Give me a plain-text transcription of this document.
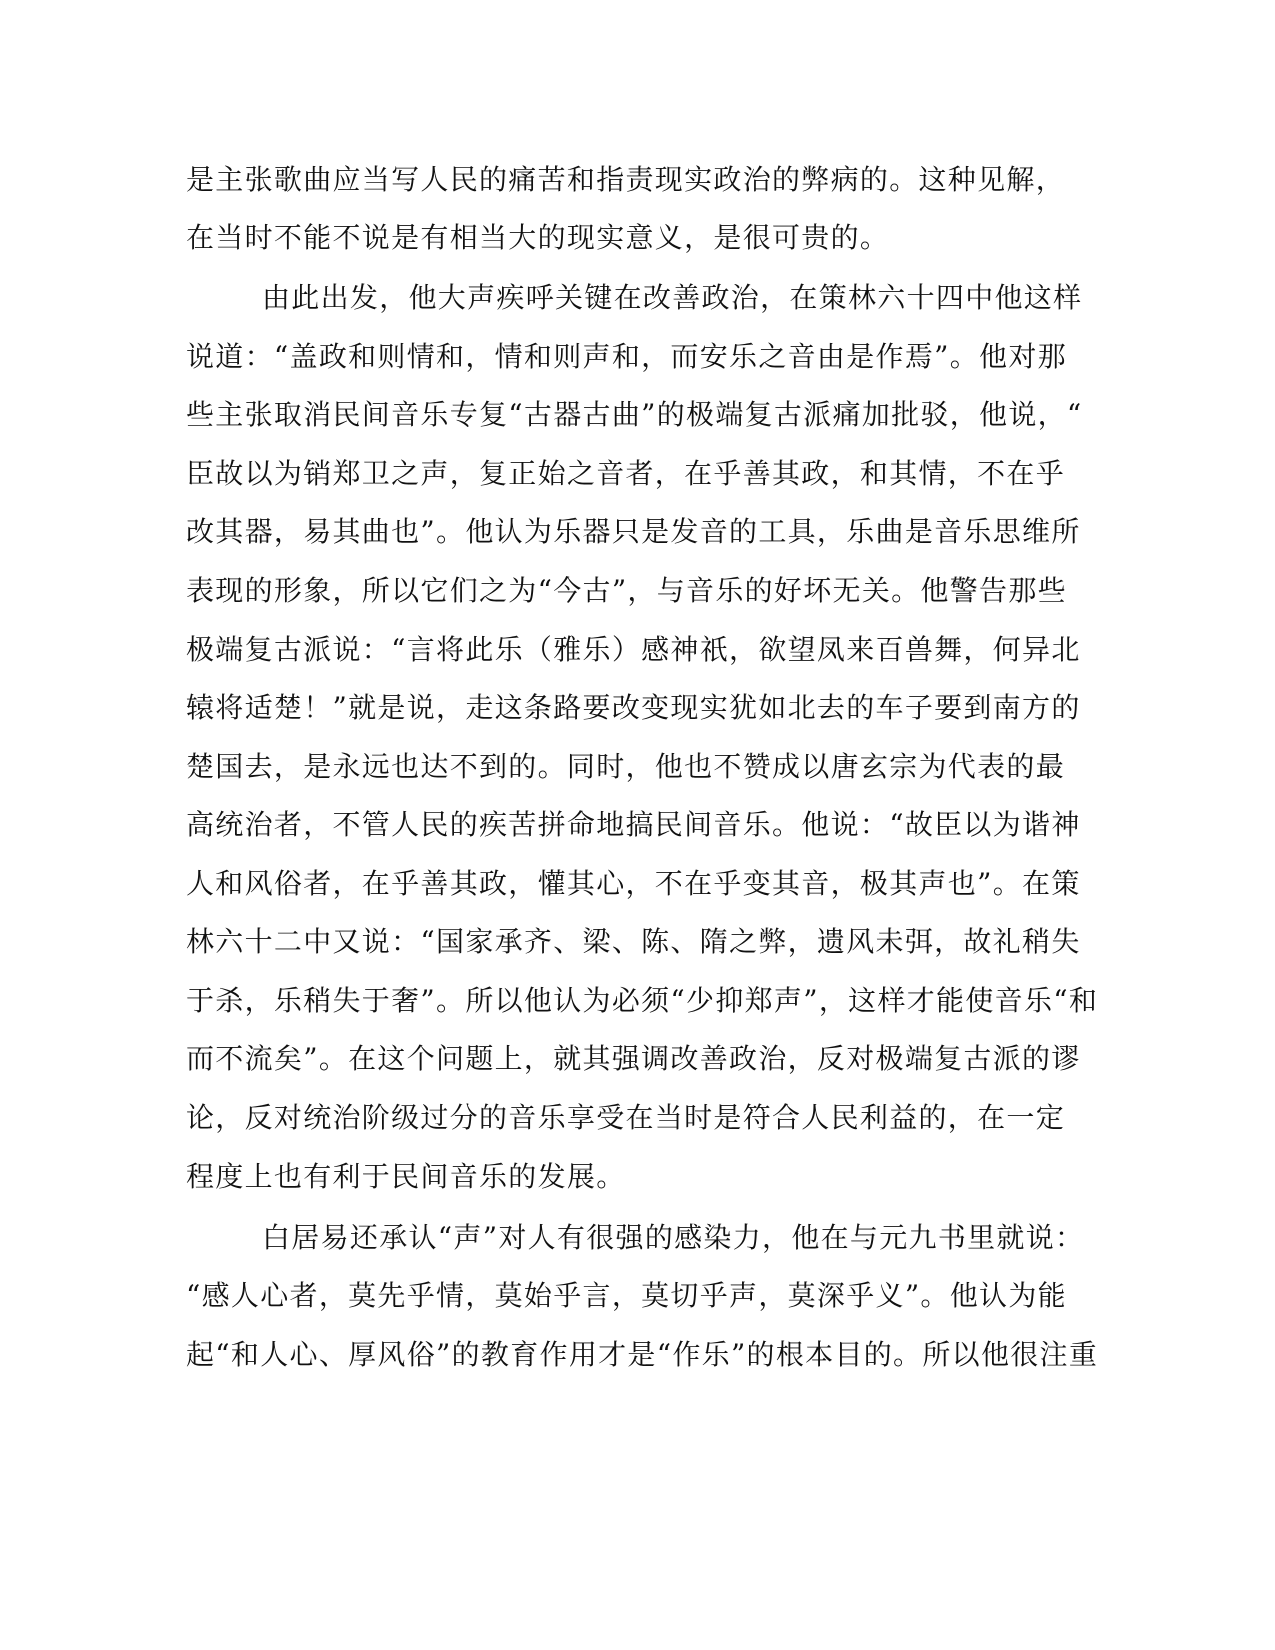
是主张歌曲应当写人民的痛苦和指责现实政治的弊病的。这种见解，
在当时不能不说是有相当大的现实意义，是很可贵的。
由此出发，他大声疾呼关键在改善政治，在策林六十四中他这样
说道：“盖政和则情和，情和则声和，而安乐之音由是作焉”。他对那
些主张取消民间音乐专复“古器古曲”的极端复古派痛加批驳，他说，“
臣故以为销郑卫之声，复正始之音者，在乎善其政，和其情，不在乎
改其器，易其曲也”。他认为乐器只是发音的工具，乐曲是音乐思维所
表现的形象，所以它们之为“今古”，与音乐的好坏无关。他警告那些
极端复古派说：“言将此乐（雅乐）感神祇，欲望凤来百兽舞，何异北
辕将适楚！”就是说，走这条路要改变现实犹如北去的车子要到南方的
楚国去，是永远也达不到的。同时，他也不赞成以唐玄宗为代表的最
高统治者，不管人民的疾苦拼命地搞民间音乐。他说：“故臣以为谐神
人和风俗者，在乎善其政，懽其心，不在乎变其音，极其声也”。在策
林六十二中又说：“国家承齐、梁、陈、隋之弊，遗风未弭，故礼稍失
于杀，乐稍失于奢”。所以他认为必须“少抑郑声”，这样才能使音乐“和
而不流矣”。在这个问题上，就其强调改善政治，反对极端复古派的谬
论，反对统治阶级过分的音乐享受在当时是符合人民利益的，在一定
程度上也有利于民间音乐的发展。
白居易还承认“声”对人有很强的感染力，他在与元九书里就说：
“感人心者，莫先乎情，莫始乎言，莫切乎声，莫深乎义”。他认为能
起“和人心、厚风俗”的教育作用才是“作乐”的根本目的。所以他很注重
